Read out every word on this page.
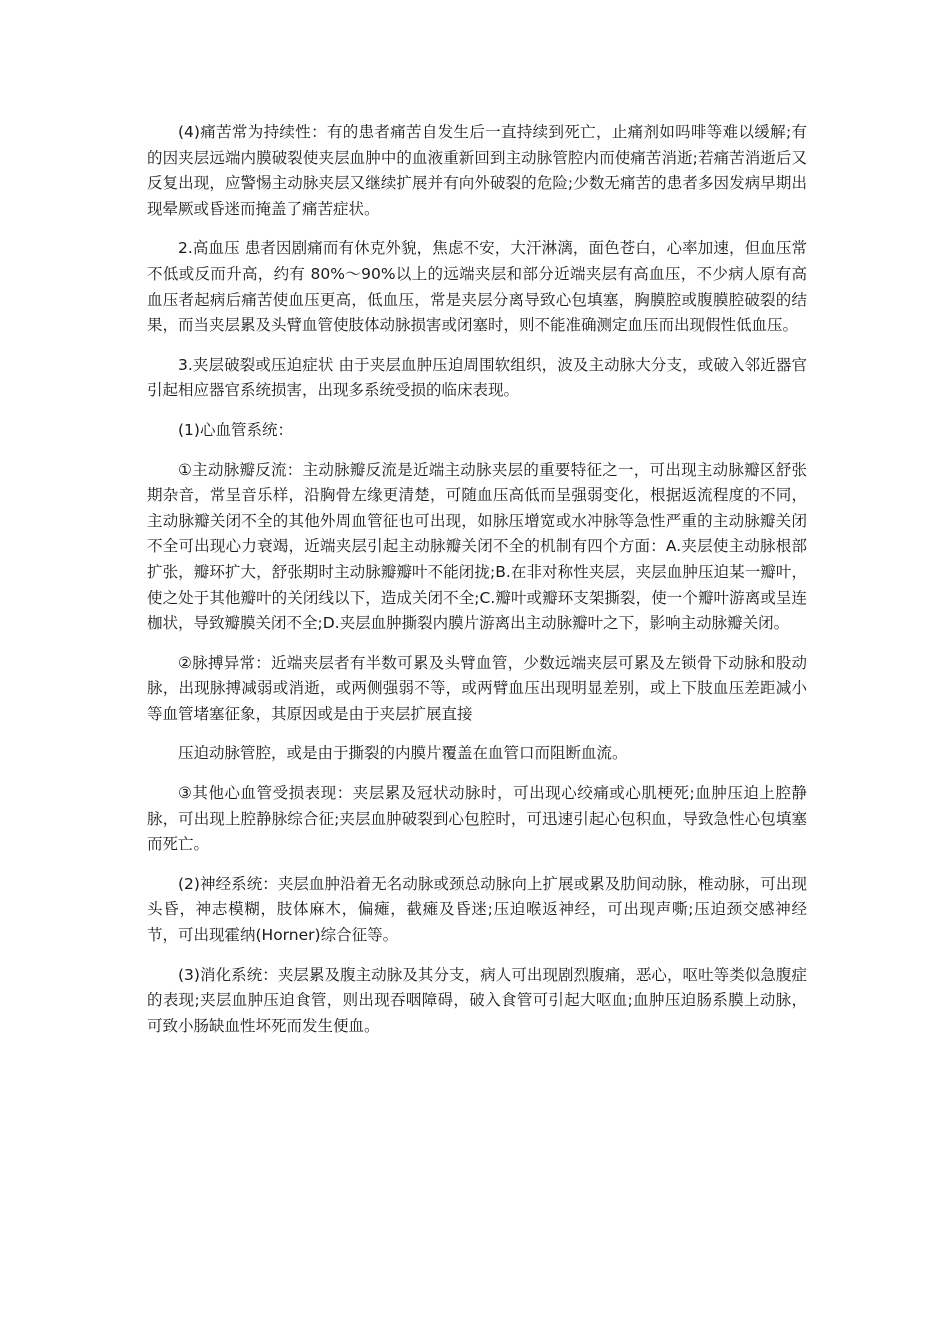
(4)痛苦常为持续性：有的患者痛苦自发生后一直持续到死亡，止痛剂如吗啡等难以缓解;有的因夹层远端内膜破裂使夹层血肿中的血液重新回到主动脉管腔内而使痛苦消逝;若痛苦消逝后又反复出现，应警惕主动脉夹层又继续扩展并有向外破裂的危险;少数无痛苦的患者多因发病早期出现晕厥或昏迷而掩盖了痛苦症状。

2.高血压 患者因剧痛而有休克外貌，焦虑不安，大汗淋漓，面色苍白，心率加速，但血压常不低或反而升高，约有 80%～90%以上的远端夹层和部分近端夹层有高血压，不少病人原有高血压者起病后痛苦使血压更高，低血压，常是夹层分离导致心包填塞，胸膜腔或腹膜腔破裂的结果，而当夹层累及头臂血管使肢体动脉损害或闭塞时，则不能准确测定血压而出现假性低血压。

3.夹层破裂或压迫症状 由于夹层血肿压迫周围软组织，波及主动脉大分支，或破入邻近器官引起相应器官系统损害，出现多系统受损的临床表现。

(1)心血管系统：

①主动脉瓣反流：主动脉瓣反流是近端主动脉夹层的重要特征之一，可出现主动脉瓣区舒张期杂音，常呈音乐样，沿胸骨左缘更清楚，可随血压高低而呈强弱变化，根据返流程度的不同，主动脉瓣关闭不全的其他外周血管征也可出现，如脉压增宽或水冲脉等急性严重的主动脉瓣关闭不全可出现心力衰竭，近端夹层引起主动脉瓣关闭不全的机制有四个方面：A.夹层使主动脉根部扩张，瓣环扩大，舒张期时主动脉瓣瓣叶不能闭拢;B.在非对称性夹层，夹层血肿压迫某一瓣叶，使之处于其他瓣叶的关闭线以下，造成关闭不全;C.瓣叶或瓣环支架撕裂，使一个瓣叶游离或呈连枷状，导致瓣膜关闭不全;D.夹层血肿撕裂内膜片游离出主动脉瓣叶之下，影响主动脉瓣关闭。

②脉搏异常：近端夹层者有半数可累及头臂血管，少数远端夹层可累及左锁骨下动脉和股动脉，出现脉搏减弱或消逝，或两侧强弱不等，或两臂血压出现明显差别，或上下肢血压差距减小等血管堵塞征象，其原因或是由于夹层扩展直接

压迫动脉管腔，或是由于撕裂的内膜片覆盖在血管口而阻断血流。

③其他心血管受损表现：夹层累及冠状动脉时，可出现心绞痛或心肌梗死;血肿压迫上腔静脉，可出现上腔静脉综合征;夹层血肿破裂到心包腔时，可迅速引起心包积血，导致急性心包填塞而死亡。

(2)神经系统：夹层血肿沿着无名动脉或颈总动脉向上扩展或累及肋间动脉，椎动脉，可出现头昏，神志模糊，肢体麻木，偏瘫，截瘫及昏迷;压迫喉返神经，可出现声嘶;压迫颈交感神经节，可出现霍纳(Horner)综合征等。

(3)消化系统：夹层累及腹主动脉及其分支，病人可出现剧烈腹痛，恶心，呕吐等类似急腹症的表现;夹层血肿压迫食管，则出现吞咽障碍，破入食管可引起大呕血;血肿压迫肠系膜上动脉，可致小肠缺血性坏死而发生便血。
